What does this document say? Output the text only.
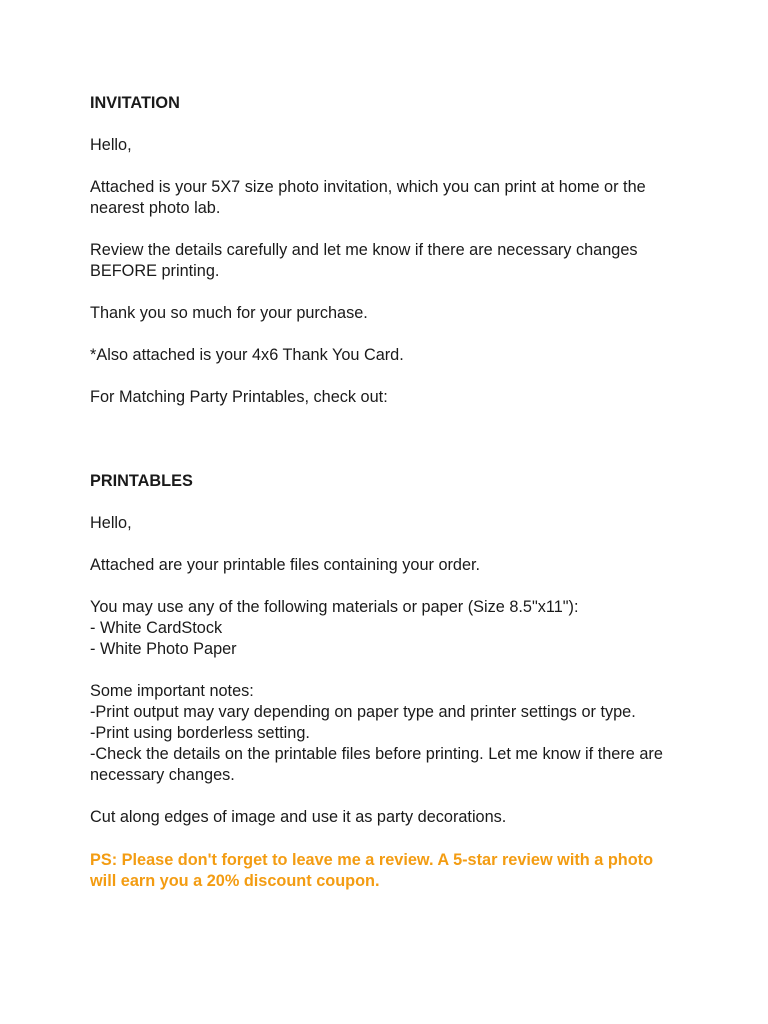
INVITATION

Hello,

Attached is your 5X7 size photo invitation, which you can print at home or the nearest photo lab.

Review the details carefully and let me know if there are necessary changes BEFORE printing.

Thank you so much for your purchase.

*Also attached is your 4x6 Thank You Card.

For Matching Party Printables, check out:

PRINTABLES

Hello,

Attached are your printable files containing your order.

You may use any of the following materials or paper (Size 8.5"x11"):

- White CardStock
- White Photo Paper

Some important notes:

-Print output may vary depending on paper type and printer settings or type.
-Print using borderless setting.
-Check the details on the printable files before printing. Let me know if there are necessary changes.

Cut along edges of image and use it as party decorations.

PS: Please don't forget to leave me a review. A 5-star review with a photo will earn you a 20% discount coupon.
